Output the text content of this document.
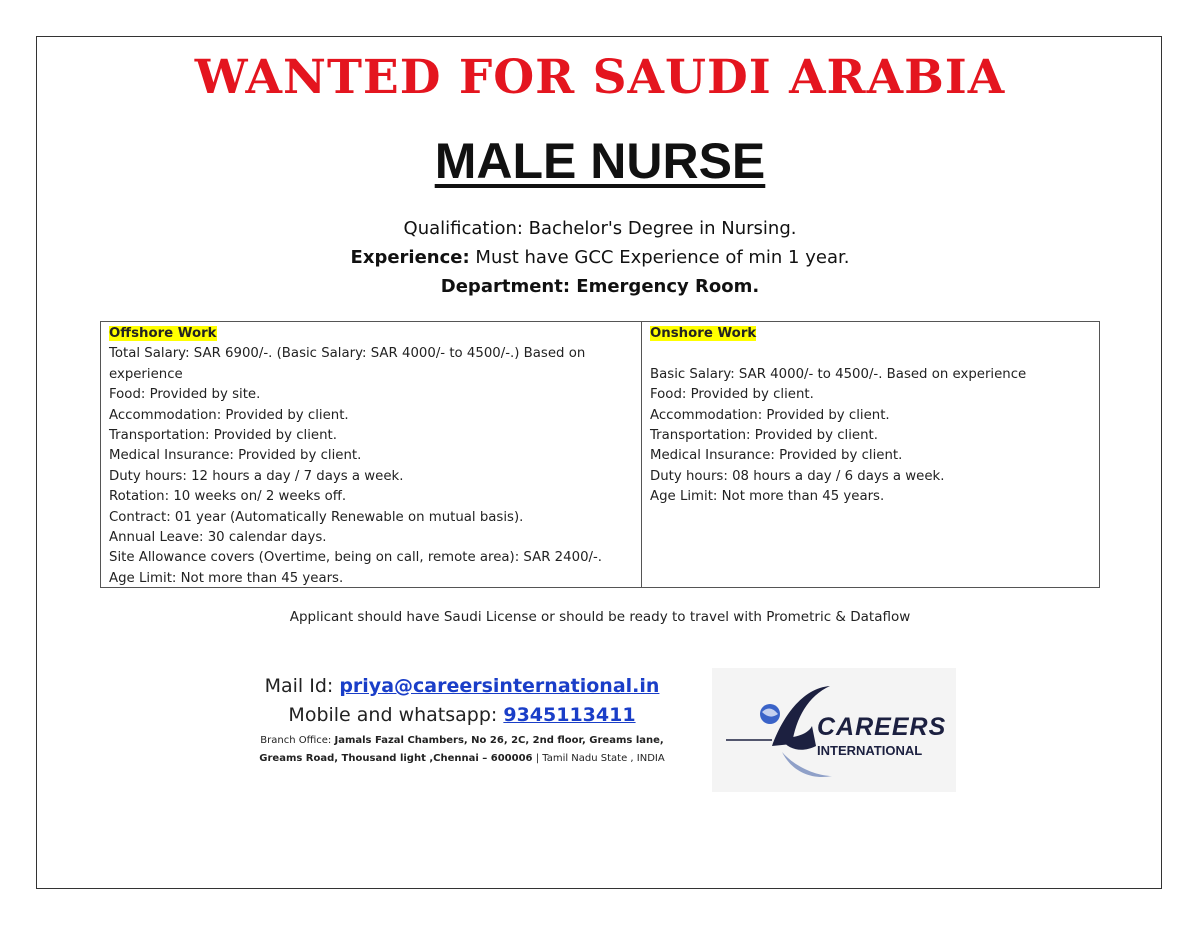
WANTED FOR SAUDI ARABIA
MALE NURSE
Qualification: Bachelor's Degree in Nursing.
Experience: Must have GCC Experience of min 1 year.
Department: Emergency Room.
Offshore Work
Total Salary: SAR 6900/-. (Basic Salary: SAR 4000/- to 4500/-.) Based on
experience
Food: Provided by site.
Accommodation: Provided by client.
Transportation: Provided by client.
Medical Insurance: Provided by client.
Duty hours: 12 hours a day / 7 days a week.
Rotation: 10 weeks on/ 2 weeks off.
Contract: 01 year (Automatically Renewable on mutual basis).
Annual Leave: 30 calendar days.
Site Allowance covers (Overtime, being on call, remote area): SAR 2400/-.
Age Limit: Not more than 45 years.
Onshore Work
Basic Salary: SAR 4000/- to 4500/-. Based on experience
Food: Provided by client.
Accommodation: Provided by client.
Transportation: Provided by client.
Medical Insurance: Provided by client.
Duty hours: 08 hours a day / 6 days a week.
Age Limit: Not more than 45 years.
Applicant should have Saudi License or should be ready to travel with Prometric & Dataflow
Mail Id: priya@careersinternational.in
Mobile and whatsapp: 9345113411
Branch Office: Jamals Fazal Chambers, No 26, 2C, 2nd floor, Greams lane,
Greams Road, Thousand light ,Chennai – 600006 | Tamil Nadu State , INDIA
CAREERS
INTERNATIONAL
